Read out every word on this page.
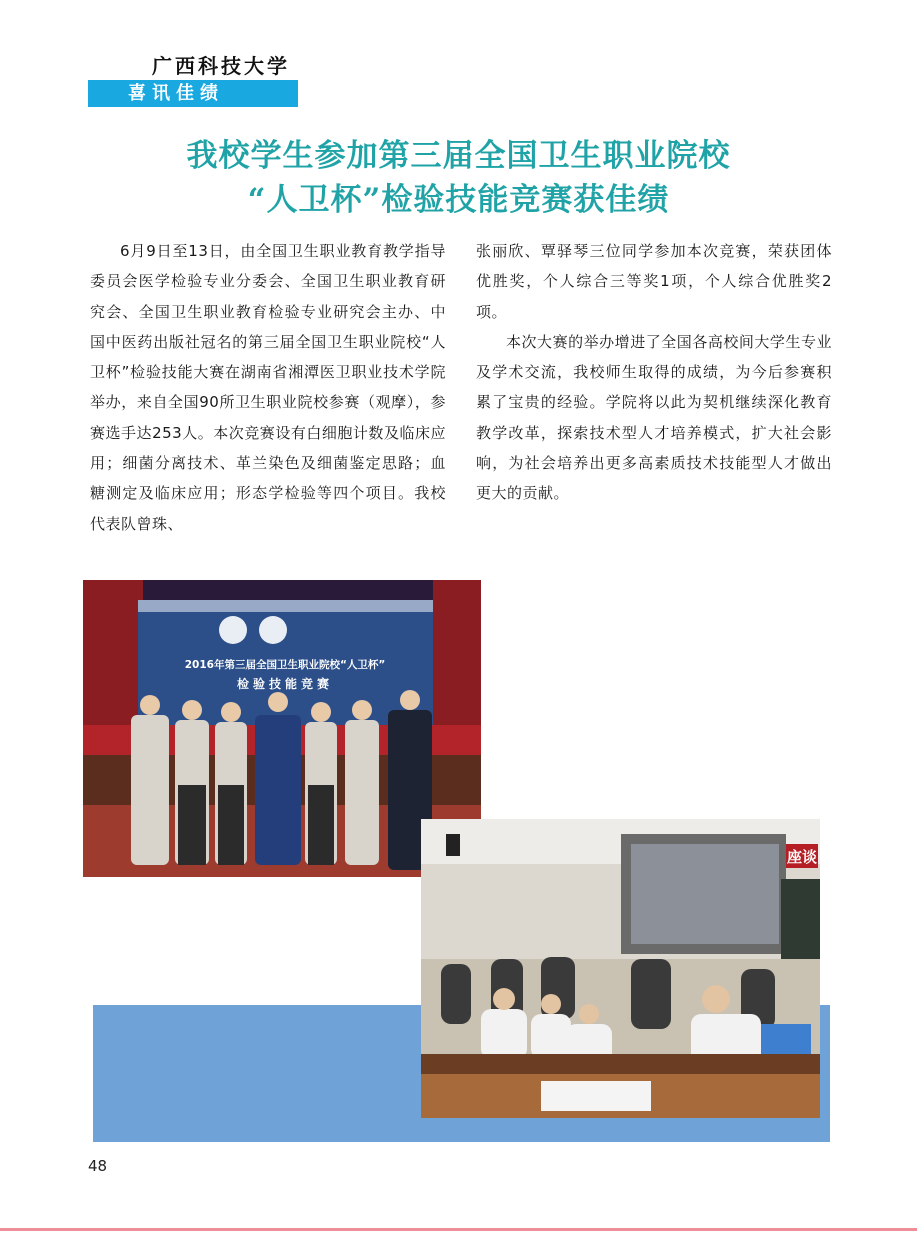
广西科技大学
喜讯佳绩
我校学生参加第三届全国卫生职业院校
“人卫杯”检验技能竞赛获佳绩

6月9日至13日，由全国卫生职业教育教学指导委员会医学检验专业分委会、全国卫生职业教育研究会、全国卫生职业教育检验专业研究会主办、中国中医药出版社冠名的第三届全国卫生职业院校“人卫杯”检验技能大赛在湖南省湘潭医卫职业技术学院举办，来自全国90所卫生职业院校参赛（观摩），参赛选手达253人。本次竞赛设有白细胞计数及临床应用；细菌分离技术、革兰染色及细菌鉴定思路；血糖测定及临床应用；形态学检验等四个项目。我校代表队曾珠、

张丽欣、覃驿琴三位同学参加本次竞赛，荣获团体优胜奖，个人综合三等奖1项，个人综合优胜奖2项。

本次大赛的举办增进了全国各高校间大学生专业及学术交流，我校师生取得的成绩，为今后参赛积累了宝贵的经验。学院将以此为契机继续深化教育教学改革，探索技术型人才培养模式，扩大社会影响，为社会培养出更多高素质技术技能型人才做出更大的贡献。

2016年第三届全国卫生职业院校“人卫杯”
检验技能竞赛
座谈
48
